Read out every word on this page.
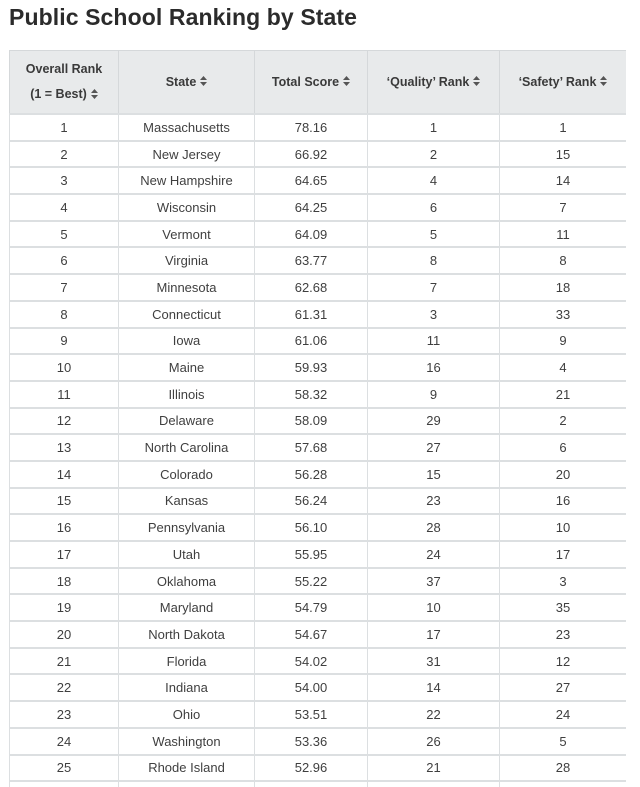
Public School Ranking by State
Overall Rank
(1 = Best)	State	Total Score	‘Quality’ Rank	‘Safety’ Rank

1	Massachusetts	78.16	1	1
2	New Jersey	66.92	2	15
3	New Hampshire	64.65	4	14
4	Wisconsin	64.25	6	7
5	Vermont	64.09	5	11
6	Virginia	63.77	8	8
7	Minnesota	62.68	7	18
8	Connecticut	61.31	3	33
9	Iowa	61.06	11	9
10	Maine	59.93	16	4
11	Illinois	58.32	9	21
12	Delaware	58.09	29	2
13	North Carolina	57.68	27	6
14	Colorado	56.28	15	20
15	Kansas	56.24	23	16
16	Pennsylvania	56.10	28	10
17	Utah	55.95	24	17
18	Oklahoma	55.22	37	3
19	Maryland	54.79	10	35
20	North Dakota	54.67	17	23
21	Florida	54.02	31	12
22	Indiana	54.00	14	27
23	Ohio	53.51	22	24
24	Washington	53.36	26	5
25	Rhode Island	52.96	21	28
